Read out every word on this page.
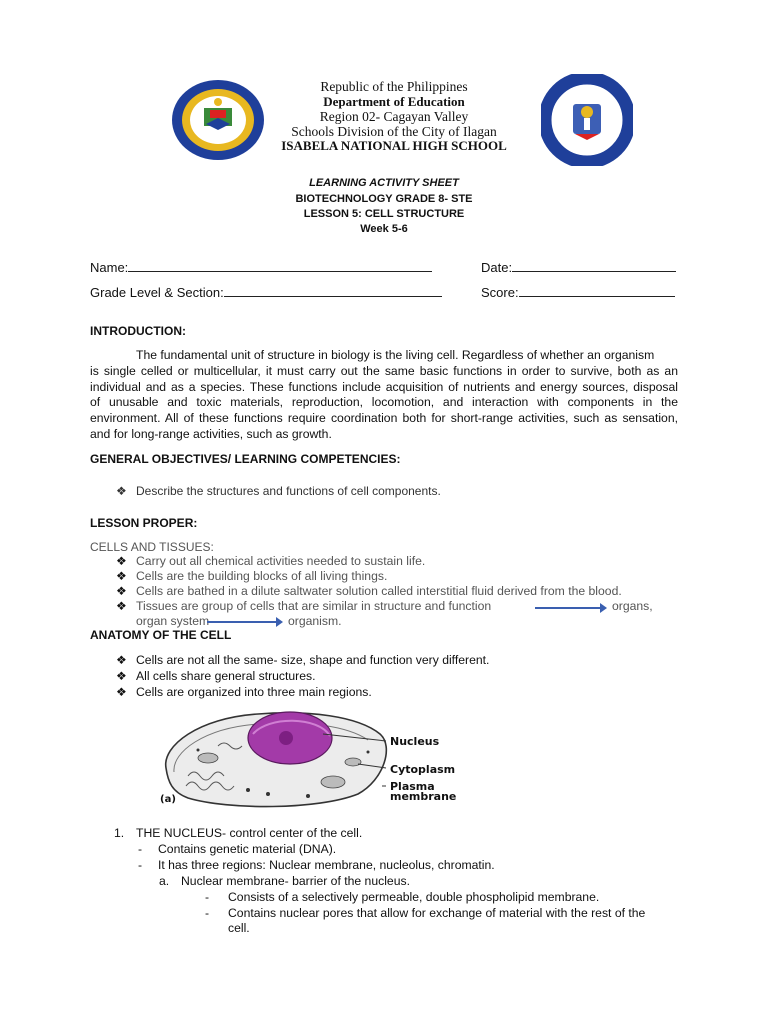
Republic of the Philippines
Department of Education
Region 02- Cagayan Valley
Schools Division of the City of Ilagan
ISABELA NATIONAL HIGH SCHOOL
LEARNING ACTIVITY SHEET
BIOTECHNOLOGY GRADE 8- STE
LESSON 5: CELL STRUCTURE
Week 5-6
Name:	Date:
Grade Level & Section:	Score:
INTRODUCTION:
The fundamental unit of structure in biology is the living cell. Regardless of whether an organism
is single celled or multicellular, it must carry out the same basic functions in order to survive, both as an
individual and as a species. These functions include acquisition of nutrients and energy sources, disposal
of unusable and toxic materials, reproduction, locomotion, and interaction with components in the
environment. All of these functions require coordination both for short-range activities, such as sensation,
and for long-range activities, such as growth.
GENERAL OBJECTIVES/ LEARNING COMPETENCIES:
❖ Describe the structures and functions of cell components.
LESSON PROPER:
CELLS AND TISSUES:
❖ Carry out all chemical activities needed to sustain life.
❖ Cells are the building blocks of all living things.
❖ Cells are bathed in a dilute saltwater solution called interstitial fluid derived from the blood.
❖ Tissues are group of cells that are similar in structure and function	organs,
organ system	organism.
ANATOMY OF THE CELL
❖ Cells are not all the same- size, shape and function very different.
❖ All cells share general structures.
❖ Cells are organized into three main regions.
Nucleus
Cytoplasm
Plasma
membrane
(a)
1. THE NUCLEUS- control center of the cell.
- Contains genetic material (DNA).
- It has three regions: Nuclear membrane, nucleolus, chromatin.
a. Nuclear membrane- barrier of the nucleus.
- Consists of a selectively permeable, double phospholipid membrane.
- Contains nuclear pores that allow for exchange of material with the rest of the
cell.
